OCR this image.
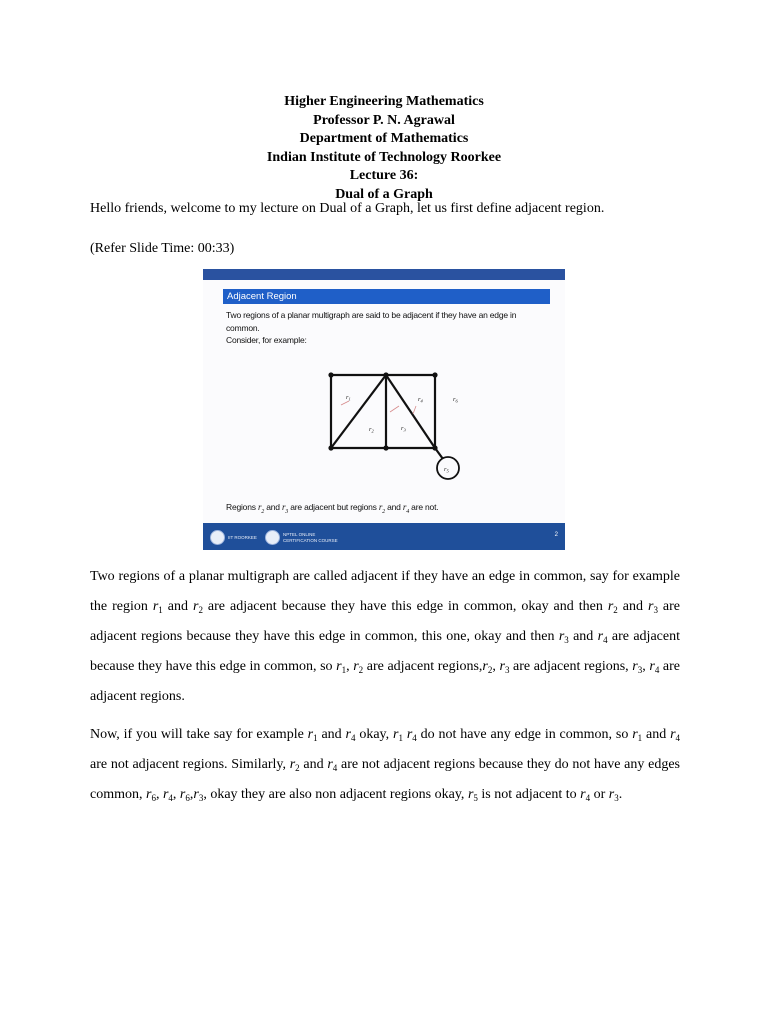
Higher Engineering Mathematics
Professor P. N. Agrawal
Department of Mathematics
Indian Institute of Technology Roorkee
Lecture 36:
Dual of a Graph
Hello friends, welcome to my lecture on Dual of a Graph, let us first define adjacent region.
(Refer Slide Time: 00:33)
Adjacent Region
Two regions of a planar multigraph are said to be adjacent if they have an edge in common.
Consider, for example:
$r_1$
$r_2$	$r_3$
$r_4$
$r_5$
$r_6$
Regions $r_2$ and $r_3$ are adjacent but regions $r_2$ and $r_4$ are not.
IIT ROORKEE
NPTEL ONLINE
CERTIFICATION COURSE
2
Two regions of a planar multigraph are called adjacent if they have an edge in common, say for example the region $r_1$ and $r_2$ are adjacent because they have this edge in common, okay and then $r_2$ and $r_3$ are adjacent regions because they have this edge in common, this one, okay and then $r_3$ and $r_4$ are adjacent because they have this edge in common, so $r_1$, $r_2$ are adjacent $regions,r_2$, $r_3$ are adjacent regions, $r_3$, $r_4$ are adjacent regions.
Now, if you will take say for example $r_1$ and $r_4$ okay, $r_1$ $r_4$ do not have any edge in common, so $r_1$ and $r_4$ are not adjacent regions. Similarly, $r_2$ and $r_4$ are not adjacent regions because they do not have any edges common, $r_6$, $r_4$, $r_6,r_3$, okay they are also non adjacent regions okay, $r_5$ is not adjacent to $r_4$ or $r_3$.
